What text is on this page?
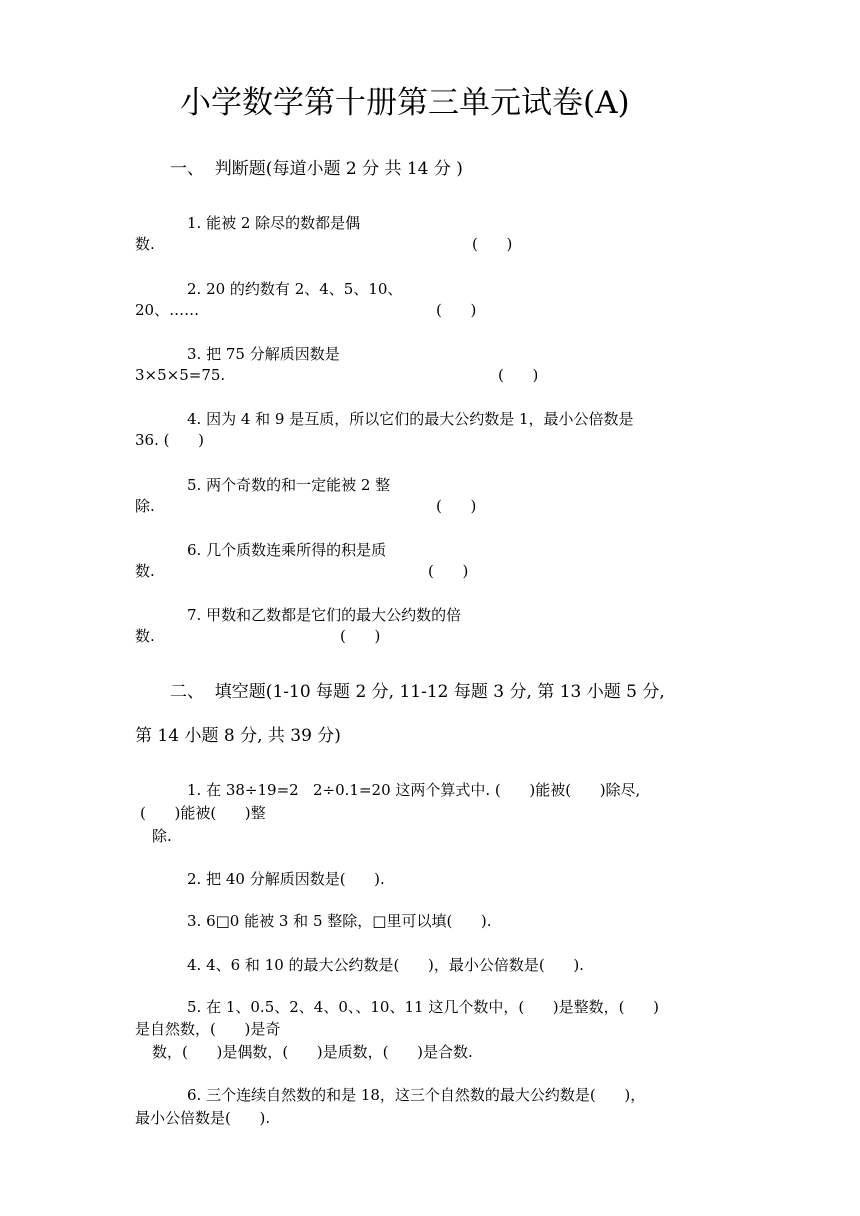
小学数学第十册第三单元试卷(A)
一、  判断题(每道小题 2 分 共 14 分 )
1. 能被 2 除尽的数都是偶
数.	(      )
2. 20 的约数有 2、4、5、10、
20、……	(      )
3. 把 75 分解质因数是
3×5×5=75.	(      )
4. 因为 4 和 9 是互质，所以它们的最大公约数是 1，最小公倍数是
36. (      )
5. 两个奇数的和一定能被 2 整
除.	(      )
6. 几个质数连乘所得的积是质
数.	(      )
7. 甲数和乙数都是它们的最大公约数的倍
数.	(      )
二、  填空题(1-10 每题 2 分, 11-12 每题 3 分, 第 13 小题 5 分,
第 14 小题 8 分, 共 39 分)
1. 在 38÷19=2   2÷0.1=20 这两个算式中. (      )能被(      )除尽,
(      )能被(      )整
除.
2. 把 40 分解质因数是(      ).
3. 6□0 能被 3 和 5 整除，□里可以填(      ).
4. 4、6 和 10 的最大公约数是(      )，最小公倍数是(      ).
5. 在 1、0.5、2、4、0、、10、11 这几个数中，(      )是整数，(      )
是自然数，(      )是奇
数，(      )是偶数，(      )是质数，(      )是合数.
6. 三个连续自然数的和是 18，这三个自然数的最大公约数是(      )，
最小公倍数是(      ).
